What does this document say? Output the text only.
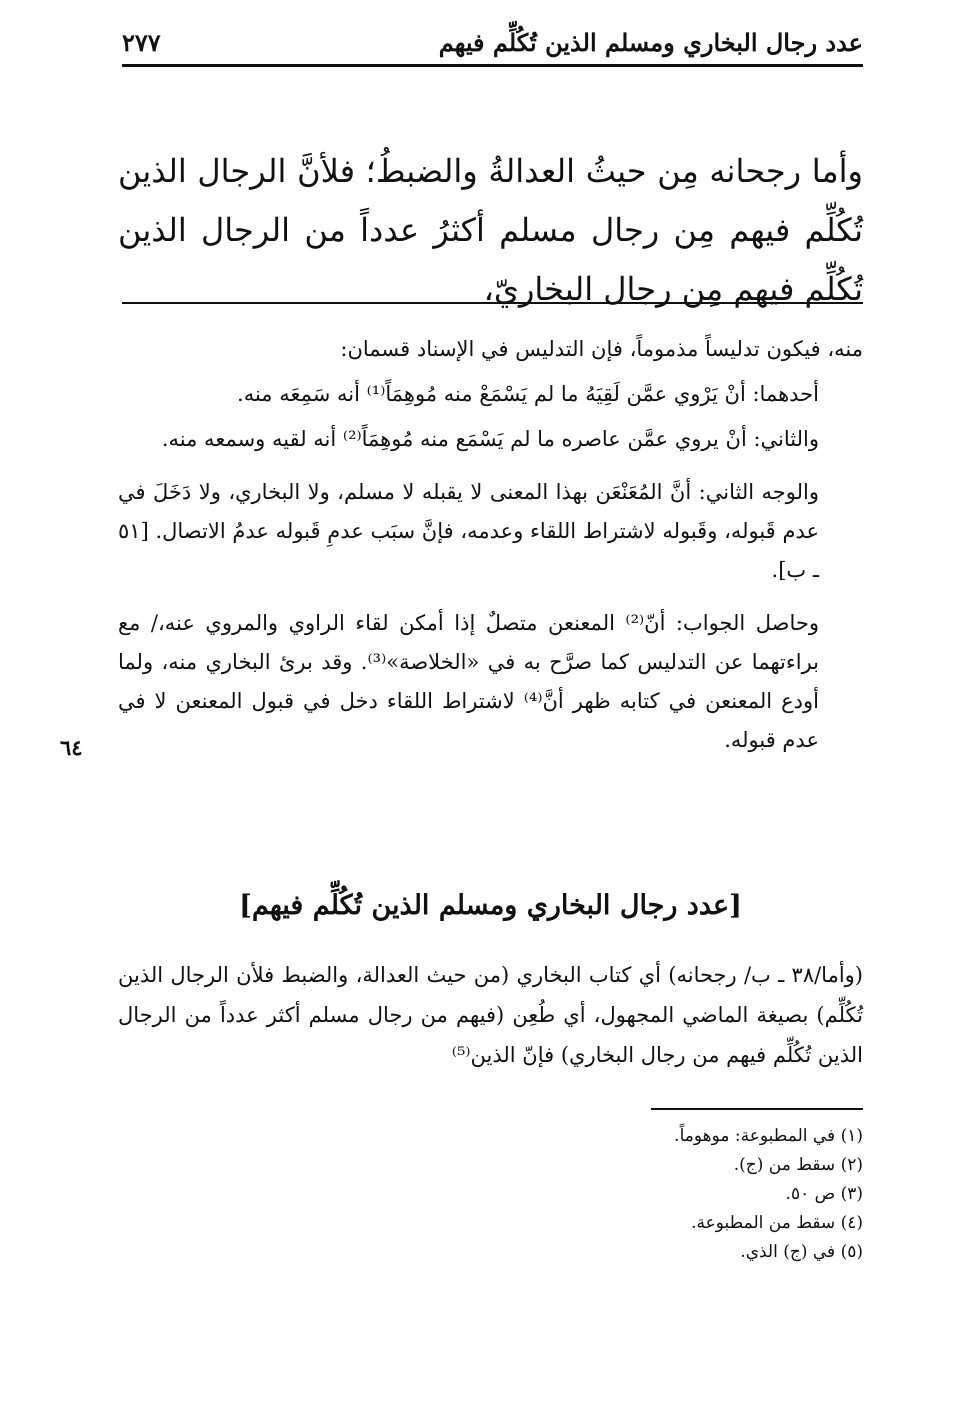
عدد رجال البخاري ومسلم الذين تُكُلِّم فيهم
٢٧٧

وأما رجحانه مِن حيثُ العدالةُ والضبطُ؛ فلأنَّ الرجال الذين تُكُلِّم فيهم مِن رجال مسلم أكثرُ عدداً من الرجال الذين تُكُلِّم فيهم مِن رجال البخاريّ،

منه، فيكون تدليساً مذموماً، فإن التدليس في الإسناد قسمان:

أحدهما: أنْ يَرْوي عمَّن لَقِيَهُ ما لم يَسْمَعْ منه مُوهِمَاً⁽¹⁾ أنه سَمِعَه منه.

والثاني: أنْ يروي عمَّن عاصره ما لم يَسْمَع منه مُوهِمَاً⁽²⁾ أنه لقيه وسمعه منه.

والوجه الثاني: أنَّ المُعَنْعَن بهذا المعنى لا يقبله لا مسلم، ولا البخاري، ولا دَخَلَ في عدم قَبوله، وقَبوله لاشتراط اللقاء وعدمه، فإنَّ سبَب عدمِ قَبوله عدمُ الاتصال. [٥١ ـ ب].

وحاصل الجواب: أنّ⁽²⁾ المعنعن متصلٌ إذا أمكن لقاء الراوي والمروي عنه،/ مع براءتهما عن التدليس كما صرَّح به في «الخلاصة»⁽³⁾. وقد برئ البخاري منه، ولما أودع المعنعن في كتابه ظهر أنَّ⁽⁴⁾ لاشتراط اللقاء دخل في قبول المعنعن لا في عدم قبوله.

٦٤
[عدد رجال البخاري ومسلم الذين تُكُلِّم فيهم]

(وأما/٣٨ ـ ب/ رجحانه) أي كتاب البخاري (من حيث العدالة، والضبط فلأن الرجال الذين تُكُلِّم) بصيغة الماضي المجهول، أي طُعِن (فيهم من رجال مسلم أكثر عدداً من الرجال الذين تُكُلِّم فيهم من رجال البخاري) فإنّ الذين⁽⁵⁾

(١) في المطبوعة: موهوماً.
(٢) سقط من (ج).
(٣) ص ٥٠.
(٤) سقط من المطبوعة.
(٥) في (ج) الذي.
